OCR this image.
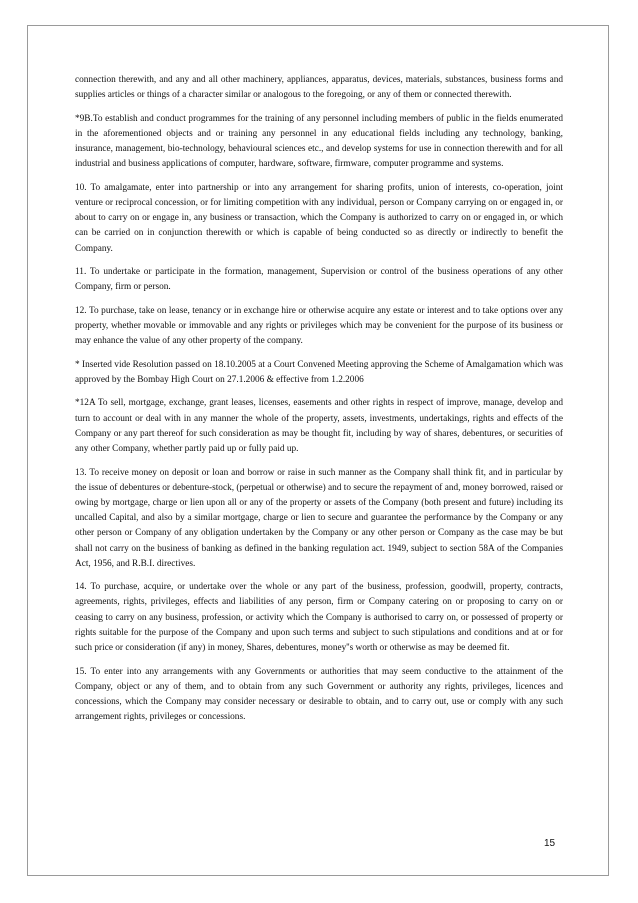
connection therewith, and any and all other machinery, appliances, apparatus, devices, materials, substances, business forms and supplies articles or things of a character similar or analogous to the foregoing, or any of them or connected therewith.

*9B.To establish and conduct programmes for the training of any personnel including members of public in the fields enumerated in the aforementioned objects and or training any personnel in any educational fields including any technology, banking, insurance, management, bio-technology, behavioural sciences etc., and develop systems for use in connection therewith and for all industrial and business applications of computer, hardware, software, firmware, computer programme and systems.

10. To amalgamate, enter into partnership or into any arrangement for sharing profits, union of interests, co-operation, joint venture or reciprocal concession, or for limiting competition with any individual, person or Company carrying on or engaged in, or about to carry on or engage in, any business or transaction, which the Company is authorized to carry on or engaged in, or which can be carried on in conjunction therewith or which is capable of being conducted so as directly or indirectly to benefit the Company.

11. To undertake or participate in the formation, management, Supervision or control of the business operations of any other Company, firm or person.

12. To purchase, take on lease, tenancy or in exchange hire or otherwise acquire any estate or interest and to take options over any property, whether movable or immovable and any rights or privileges which may be convenient for the purpose of its business or may enhance the value of any other property of the company.

* Inserted vide Resolution passed on 18.10.2005 at a Court Convened Meeting approving the Scheme of Amalgamation which was approved by the Bombay High Court on 27.1.2006 & effective from 1.2.2006

*12A To sell, mortgage, exchange, grant leases, licenses, easements and other rights in respect of improve, manage, develop and turn to account or deal with in any manner the whole of the property, assets, investments, undertakings, rights and effects of the Company or any part thereof for such consideration as may be thought fit, including by way of shares, debentures, or securities of any other Company, whether partly paid up or fully paid up.

13. To receive money on deposit or loan and borrow or raise in such manner as the Company shall think fit, and in particular by the issue of debentures or debenture-stock, (perpetual or otherwise) and to secure the repayment of and, money borrowed, raised or owing by mortgage, charge or lien upon all or any of the property or assets of the Company (both present and future) including its uncalled Capital, and also by a similar mortgage, charge or lien to secure and guarantee the performance by the Company or any other person or Company of any obligation undertaken by the Company or any other person or Company as the case may be but shall not carry on the business of banking as defined in the banking regulation act. 1949, subject to section 58A of the Companies Act, 1956, and R.B.I. directives.

14. To purchase, acquire, or undertake over the whole or any part of the business, profession, goodwill, property, contracts, agreements, rights, privileges, effects and liabilities of any person, firm or Company catering on or proposing to carry on or ceasing to carry on any business, profession, or activity which the Company is authorised to carry on, or possessed of property or rights suitable for the purpose of the Company and upon such terms and subject to such stipulations and conditions and at or for such price or consideration (if any) in money, Shares, debentures, money''s worth or otherwise as may be deemed fit.

15. To enter into any arrangements with any Governments or authorities that may seem conductive to the attainment of the Company, object or any of them, and to obtain from any such Government or authority any rights, privileges, licences and concessions, which the Company may consider necessary or desirable to obtain, and to carry out, use or comply with any such arrangement rights, privileges or concessions.

15
